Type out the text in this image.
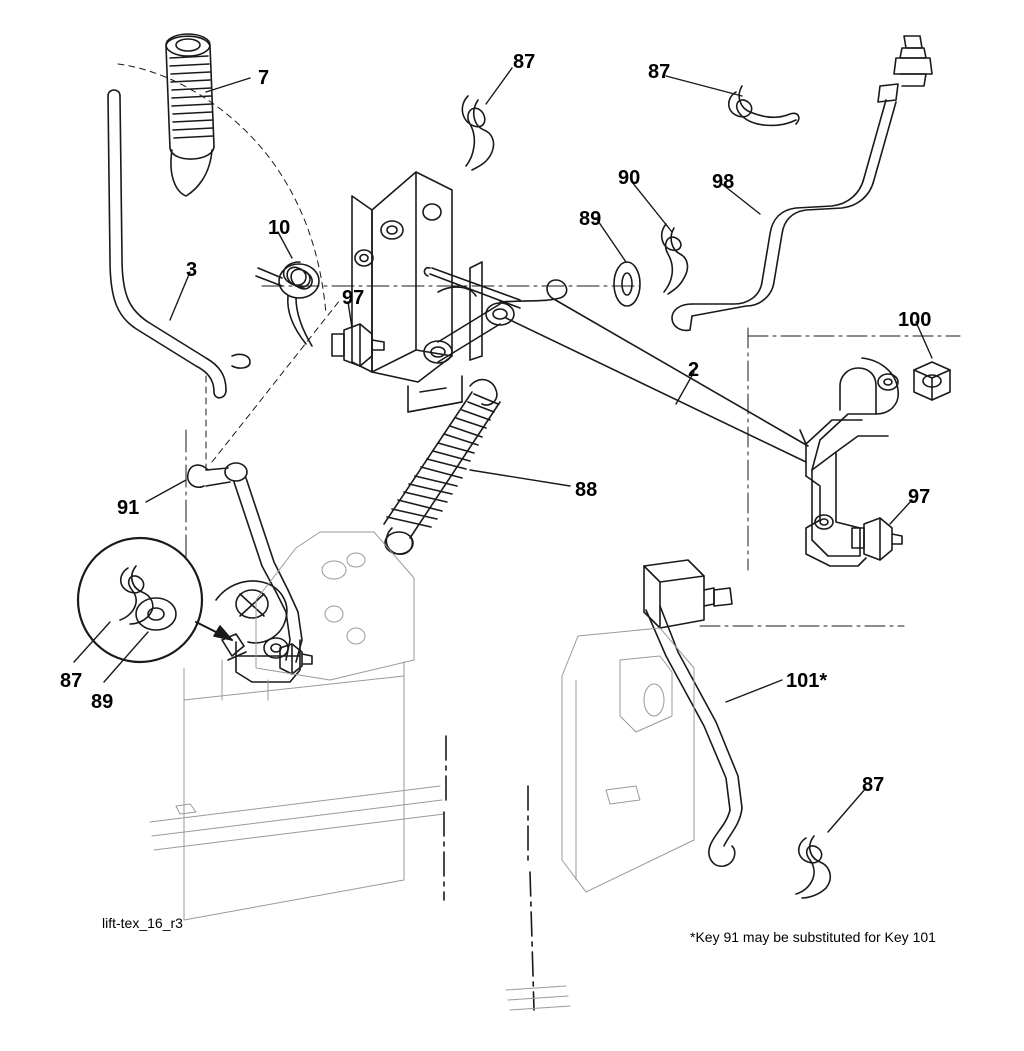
7
87	87
90	98
89
10
3
97
100
2
88	97
91
101*
87
89
87
lift-tex_16_r3
*Key 91 may be substituted for Key 101
